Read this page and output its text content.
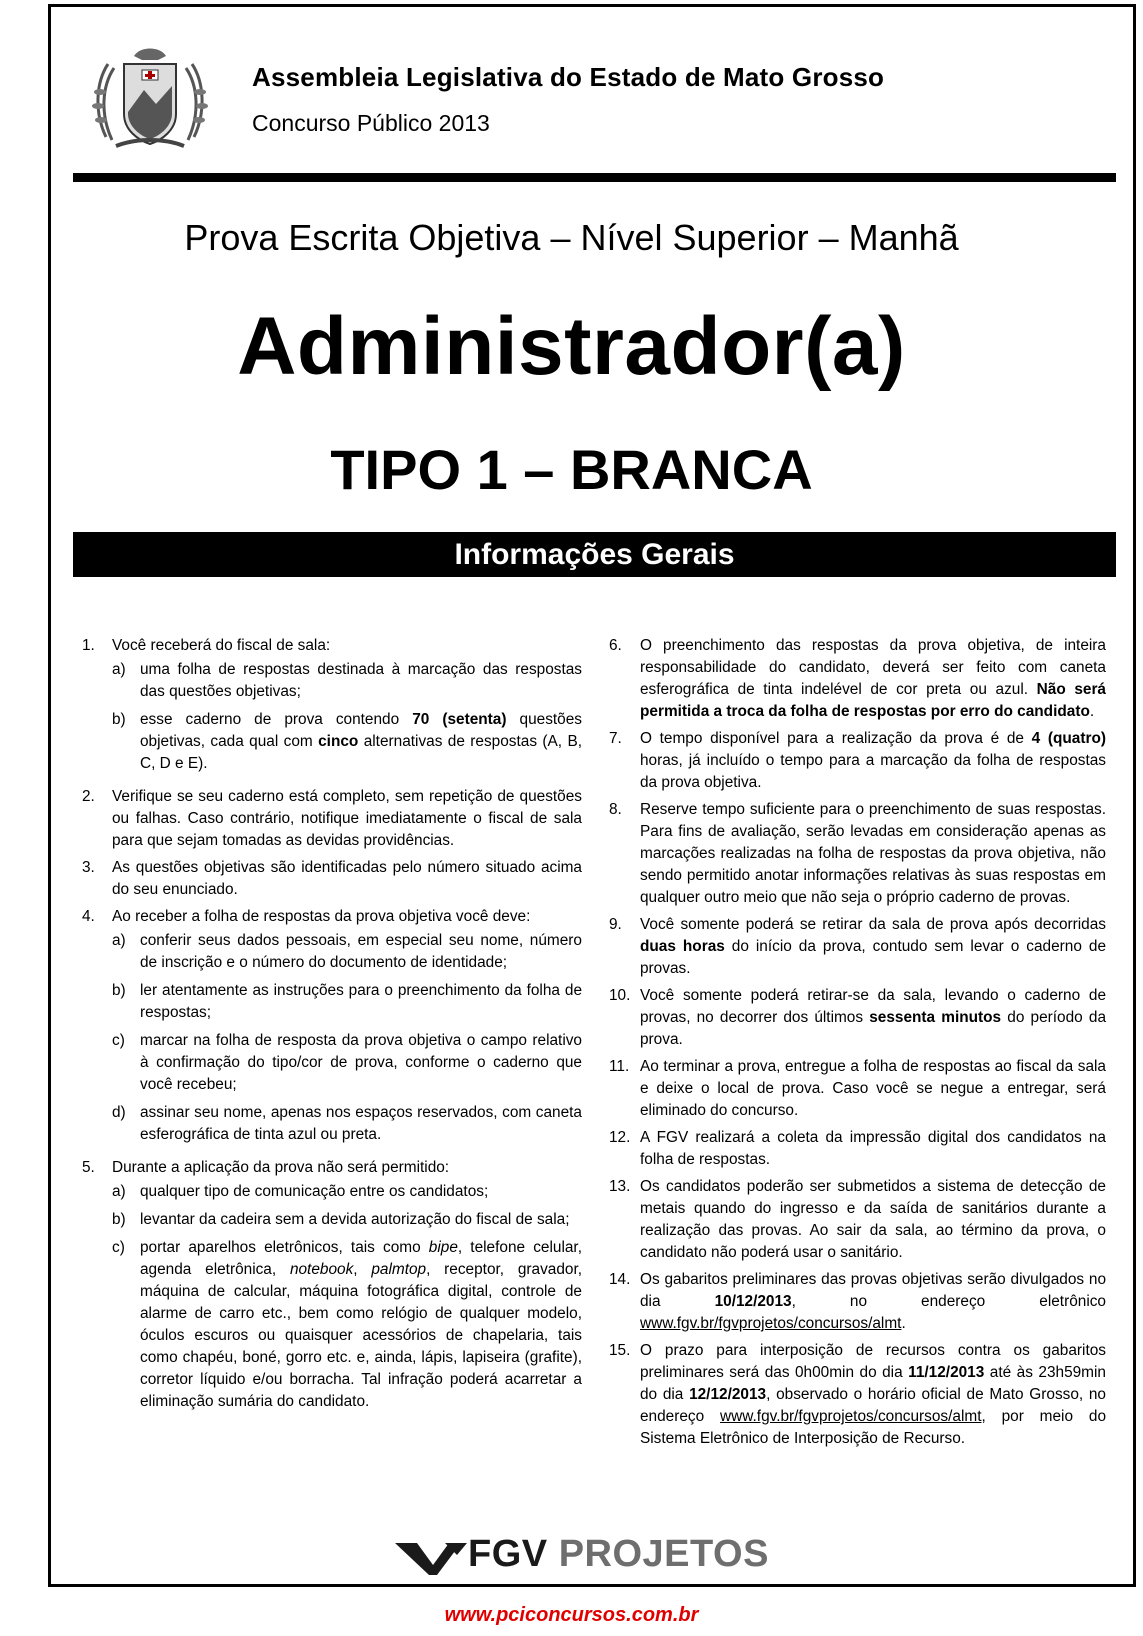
Assembleia Legislativa do Estado de Mato Grosso
Concurso Público 2013
Prova Escrita Objetiva – Nível Superior – Manhã
Administrador(a)
TIPO 1 – BRANCA
Informações Gerais
1.	Você receberá do fiscal de sala:
a) uma folha de respostas destinada à marcação das respostas das questões objetivas;
b) esse caderno de prova contendo 70 (setenta) questões objetivas, cada qual com cinco alternativas de respostas (A, B, C, D e E).
2.	Verifique se seu caderno está completo, sem repetição de questões ou falhas. Caso contrário, notifique imediatamente o fiscal de sala para que sejam tomadas as devidas providências.
3.	As questões objetivas são identificadas pelo número situado acima do seu enunciado.
4.	Ao receber a folha de respostas da prova objetiva você deve:
a) conferir seus dados pessoais, em especial seu nome, número de inscrição e o número do documento de identidade;
b) ler atentamente as instruções para o preenchimento da folha de respostas;
c) marcar na folha de resposta da prova objetiva o campo relativo à confirmação do tipo/cor de prova, conforme o caderno que você recebeu;
d) assinar seu nome, apenas nos espaços reservados, com caneta esferográfica de tinta azul ou preta.
5.	Durante a aplicação da prova não será permitido:
a) qualquer tipo de comunicação entre os candidatos;
b) levantar da cadeira sem a devida autorização do fiscal de sala;
c) portar aparelhos eletrônicos, tais como bipe, telefone celular, agenda eletrônica, notebook, palmtop, receptor, gravador, máquina de calcular, máquina fotográfica digital, controle de alarme de carro etc., bem como relógio de qualquer modelo, óculos escuros ou quaisquer acessórios de chapelaria, tais como chapéu, boné, gorro etc. e, ainda, lápis, lapiseira (grafite), corretor líquido e/ou borracha. Tal infração poderá acarretar a eliminação sumária do candidato.
6.	O preenchimento das respostas da prova objetiva, de inteira responsabilidade do candidato, deverá ser feito com caneta esferográfica de tinta indelével de cor preta ou azul. Não será permitida a troca da folha de respostas por erro do candidato.
7.	O tempo disponível para a realização da prova é de 4 (quatro) horas, já incluído o tempo para a marcação da folha de respostas da prova objetiva.
8.	Reserve tempo suficiente para o preenchimento de suas respostas. Para fins de avaliação, serão levadas em consideração apenas as marcações realizadas na folha de respostas da prova objetiva, não sendo permitido anotar informações relativas às suas respostas em qualquer outro meio que não seja o próprio caderno de provas.
9.	Você somente poderá se retirar da sala de prova após decorridas duas horas do início da prova, contudo sem levar o caderno de provas.
10. Você somente poderá retirar-se da sala, levando o caderno de provas, no decorrer dos últimos sessenta minutos do período da prova.
11. Ao terminar a prova, entregue a folha de respostas ao fiscal da sala e deixe o local de prova. Caso você se negue a entregar, será eliminado do concurso.
12. A FGV realizará a coleta da impressão digital dos candidatos na folha de respostas.
13. Os candidatos poderão ser submetidos a sistema de detecção de metais quando do ingresso e da saída de sanitários durante a realização das provas. Ao sair da sala, ao término da prova, o candidato não poderá usar o sanitário.
14. Os gabaritos preliminares das provas objetivas serão divulgados no dia 10/12/2013, no endereço eletrônico www.fgv.br/fgvprojetos/concursos/almt.
15. O prazo para interposição de recursos contra os gabaritos preliminares será das 0h00min do dia 11/12/2013 até às 23h59min do dia 12/12/2013, observado o horário oficial de Mato Grosso, no endereço www.fgv.br/fgvprojetos/concursos/almt, por meio do Sistema Eletrônico de Interposição de Recurso.
FGV PROJETOS
www.pciconcursos.com.br
